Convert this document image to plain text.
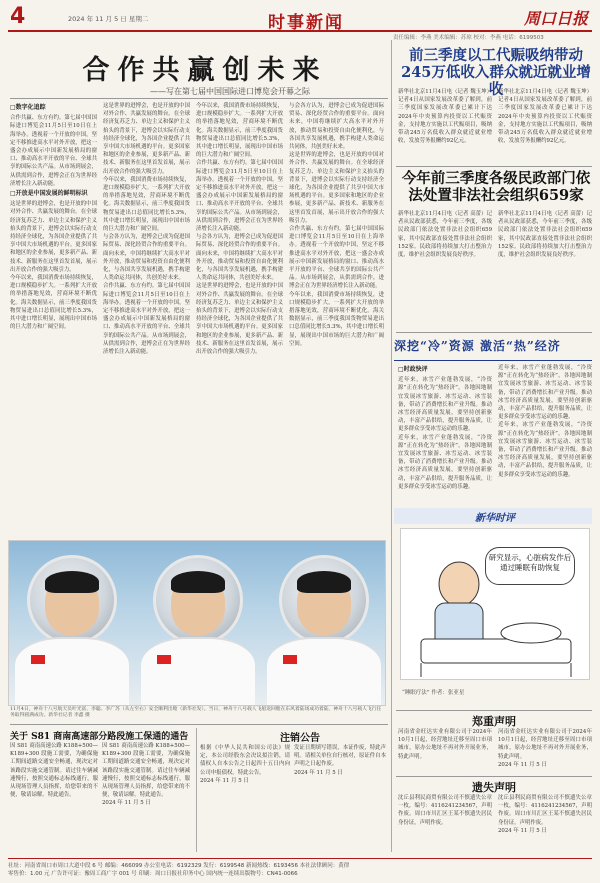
4	2024 年 11 月 5 日 星期二	时事新闻	周口日报
责任编辑：李燕 美术编辑：苏琼 校对：李燕 电话：6199503
合作共赢创未来
——写在第七届中国国际进口博览会开幕之际
□数字化追踪
合作共赢、东方有约。第七届中国国际进口博览会11月5日至10日在上海举办。透视着一个开放的中国，坚定不移推进高水平对外开放，把这一盛会办成展示中国新发展格局的窗口、推动高水平开放的平台、全球共享的国际公共产品。从市场到展会，从供需到合作，进博会正在为世界经济增长注入新动能。
□开放是中国发展的鲜明标识
这是世界的进博会，也是开放的中国对外合作、共赢发展的舞台。在全球经济复苏乏力、单边主义和保护主义抬头的背景下，进博会以实际行动支持经济全球化，为各国企业提供了共享中国大市场机遇的平台。更多国家和地区的企业参展，更多新产品、新技术、新服务在这里首发首展，展示出开放合作的强大吸引力。
今年以来，我国消费市场持续恢复，进口规模稳步扩大。一系列扩大开放的举措落地见效，营商环境不断优化。海关数据显示，前三季度我国货物贸易进出口总值同比增长5.3%，其中进口增长明显，展现出中国市场的巨大潜力和广阔空间。
这是世界的进博会，也是开放的中国对外合作、共赢发展的舞台。在全球经济复苏乏力、单边主义和保护主义抬头的背景下，进博会以实际行动支持经济全球化，为各国企业提供了共享中国大市场机遇的平台。更多国家和地区的企业参展，更多新产品、新技术、新服务在这里首发首展，展示出开放合作的强大吸引力。
今年以来，我国消费市场持续恢复，进口规模稳步扩大。一系列扩大开放的举措落地见效，营商环境不断优化。海关数据显示，前三季度我国货物贸易进出口总值同比增长5.3%，其中进口增长明显，展现出中国市场的巨大潜力和广阔空间。
与会各方认为，进博会已成为促进国际贸易、深化经贸合作的重要平台。面向未来，中国将继续扩大高水平对外开放，推动贸易和投资自由化便利化，与各国共享发展机遇，携手构建人类命运共同体，共创美好未来。
合作共赢、东方有约。第七届中国国际进口博览会11月5日至10日在上海举办。透视着一个开放的中国，坚定不移推进高水平对外开放，把这一盛会办成展示中国新发展格局的窗口、推动高水平开放的平台、全球共享的国际公共产品。从市场到展会，从供需到合作，进博会正在为世界经济增长注入新动能。
今年以来，我国消费市场持续恢复，进口规模稳步扩大。一系列扩大开放的举措落地见效，营商环境不断优化。海关数据显示，前三季度我国货物贸易进出口总值同比增长5.3%，其中进口增长明显，展现出中国市场的巨大潜力和广阔空间。
合作共赢、东方有约。第七届中国国际进口博览会11月5日至10日在上海举办。透视着一个开放的中国，坚定不移推进高水平对外开放，把这一盛会办成展示中国新发展格局的窗口、推动高水平开放的平台、全球共享的国际公共产品。从市场到展会，从供需到合作，进博会正在为世界经济增长注入新动能。
与会各方认为，进博会已成为促进国际贸易、深化经贸合作的重要平台。面向未来，中国将继续扩大高水平对外开放，推动贸易和投资自由化便利化，与各国共享发展机遇，携手构建人类命运共同体，共创美好未来。
这是世界的进博会，也是开放的中国对外合作、共赢发展的舞台。在全球经济复苏乏力、单边主义和保护主义抬头的背景下，进博会以实际行动支持经济全球化，为各国企业提供了共享中国大市场机遇的平台。更多国家和地区的企业参展，更多新产品、新技术、新服务在这里首发首展，展示出开放合作的强大吸引力。
与会各方认为，进博会已成为促进国际贸易、深化经贸合作的重要平台。面向未来，中国将继续扩大高水平对外开放，推动贸易和投资自由化便利化，与各国共享发展机遇，携手构建人类命运共同体，共创美好未来。
这是世界的进博会，也是开放的中国对外合作、共赢发展的舞台。在全球经济复苏乏力、单边主义和保护主义抬头的背景下，进博会以实际行动支持经济全球化，为各国企业提供了共享中国大市场机遇的平台。更多国家和地区的企业参展，更多新产品、新技术、新服务在这里首发首展，展示出开放合作的强大吸引力。
合作共赢、东方有约。第七届中国国际进口博览会11月5日至10日在上海举办。透视着一个开放的中国，坚定不移推进高水平对外开放，把这一盛会办成展示中国新发展格局的窗口、推动高水平开放的平台、全球共享的国际公共产品。从市场到展会，从供需到合作，进博会正在为世界经济增长注入新动能。
今年以来，我国消费市场持续恢复，进口规模稳步扩大。一系列扩大开放的举措落地见效，营商环境不断优化。海关数据显示，前三季度我国货物贸易进出口总值同比增长5.3%，其中进口增长明显，展现出中国市场的巨大潜力和广阔空间。
前三季度以工代赈吸纳带动245万低收入群众就近就业增收
新华社北京11月4日电（记者 魏玉坤）记者4日从国家发展改革委了解到，前三季度国家发展改革委已累计下达2024年中央预算内投资以工代赈资金，支持地方实施以工代赈项目，吸纳带动245万名低收入群众就近就业增收，发放劳务报酬约92亿元。
新华社北京11月4日电（记者 魏玉坤）记者4日从国家发展改革委了解到，前三季度国家发展改革委已累计下达2024年中央预算内投资以工代赈资金，支持地方实施以工代赈项目，吸纳带动245万名低收入群众就近就业增收，发放劳务报酬约92亿元。
今年前三季度各级民政部门依法处置非法社会组织659家
新华社北京11月4日电（记者 高蕾）记者从民政部获悉，今年前三季度，各级民政部门依法处置非法社会组织659家，其中民政部直接处置非法社会组织152家。民政部将持续加大打击整治力度，维护社会组织发展良好秩序。
新华社北京11月4日电（记者 高蕾）记者从民政部获悉，今年前三季度，各级民政部门依法处置非法社会组织659家，其中民政部直接处置非法社会组织152家。民政部将持续加大打击整治力度，维护社会组织发展良好秩序。
深挖“冷”资源 激活“热”经济
□时政快评
近年来，冰雪产业蓬勃发展，“冷资源”正在转化为“热经济”。各地因地制宜发展冰雪旅游、冰雪运动、冰雪装备，带动了消费增长和产业升级。推动冰雪经济高质量发展，要坚持创新驱动，丰富产品供给，提升服务品质，让更多群众享受冰雪运动的乐趣。
近年来，冰雪产业蓬勃发展，“冷资源”正在转化为“热经济”。各地因地制宜发展冰雪旅游、冰雪运动、冰雪装备，带动了消费增长和产业升级。推动冰雪经济高质量发展，要坚持创新驱动，丰富产品供给，提升服务品质，让更多群众享受冰雪运动的乐趣。
近年来，冰雪产业蓬勃发展，“冷资源”正在转化为“热经济”。各地因地制宜发展冰雪旅游、冰雪运动、冰雪装备，带动了消费增长和产业升级。推动冰雪经济高质量发展，要坚持创新驱动，丰富产品供给，提升服务品质，让更多群众享受冰雪运动的乐趣。
近年来，冰雪产业蓬勃发展，“冷资源”正在转化为“热经济”。各地因地制宜发展冰雪旅游、冰雪运动、冰雪装备，带动了消费增长和产业升级。推动冰雪经济高质量发展，要坚持创新驱动，丰富产品供给，提升服务品质，让更多群众享受冰雪运动的乐趣。
新华时评
研究显示，心脏病发作后通过睡眠有助恢复
“睡眠疗法” 作者：张亚星
11月4日，神舟十八号航天员叶光富、李聪、李广苏（从左至右）安全顺利出舱（新华社发）。当日，神舟十八号载人飞船返回舱在东风着陆场成功着陆，神舟十八号载人飞行任务取得圆满成功。新华社记者 李鑫 摄
关于 S81 商南高速部分路段施工保通的通告
因 S81 商南高速公路 K188+500—K189+300 段施工需要，为确保施工期间道路交通安全畅通，现决定对该路段实施交通管制。请过往车辆减速慢行，按照交通标志标线通行，服从现场管理人员指挥，给您带来的不便，敬请谅解。特此通告。
因 S81 商南高速公路 K188+500—K189+300 段施工需要，为确保施工期间道路交通安全畅通，现决定对该路段实施交通管制。请过往车辆减速慢行，按照交通标志标线通行，服从现场管理人员指挥，给您带来的不便，敬请谅解。特此通告。
2024 年 11 月 5 日
注销公告
根据《中华人民共和国公司法》规定，本公司经股东会决议拟注销，请债权人自本公告之日起四十五日内向公司申报债权。特此公告。
2024 年 11 月 5 日
发证日期填写错误，本证作废，特此声明。请相关单位自行核对，原证件自本声明之日起作废。
2024 年 11 月 5 日
郑重声明
河南省金旺达实业有限公司于2024年10月1日起，经营地址迁移至周口市项城市，原办公地址不再对外开展业务，特此声明。
河南省金旺达实业有限公司于2024年10月1日起，经营地址迁移至周口市项城市，原办公地址不再对外开展业务，特此声明。
2024 年 11 月 5 日
遗失声明
沈丘县利民商贸有限公司不慎遗失公章一枚，编号：4116241234567，声明作废。周口市川汇区王某不慎遗失居民身份证，声明作废。
沈丘县利民商贸有限公司不慎遗失公章一枚，编号：4116241234567，声明作废。周口市川汇区王某不慎遗失居民身份证，声明作废。
2024 年 11 月 5 日
社址：河南省周口市周口大道中段 6 号 邮编：466099 办公室电话：6192329 发行：6199548 新闻热线：6193456 本社法律顾问：黄律
零售价：1.00 元 广告许可证：豫周工商广字 001 号 印刷：周口日报社印务中心 国内统一连续出版物号：CN41-0066
